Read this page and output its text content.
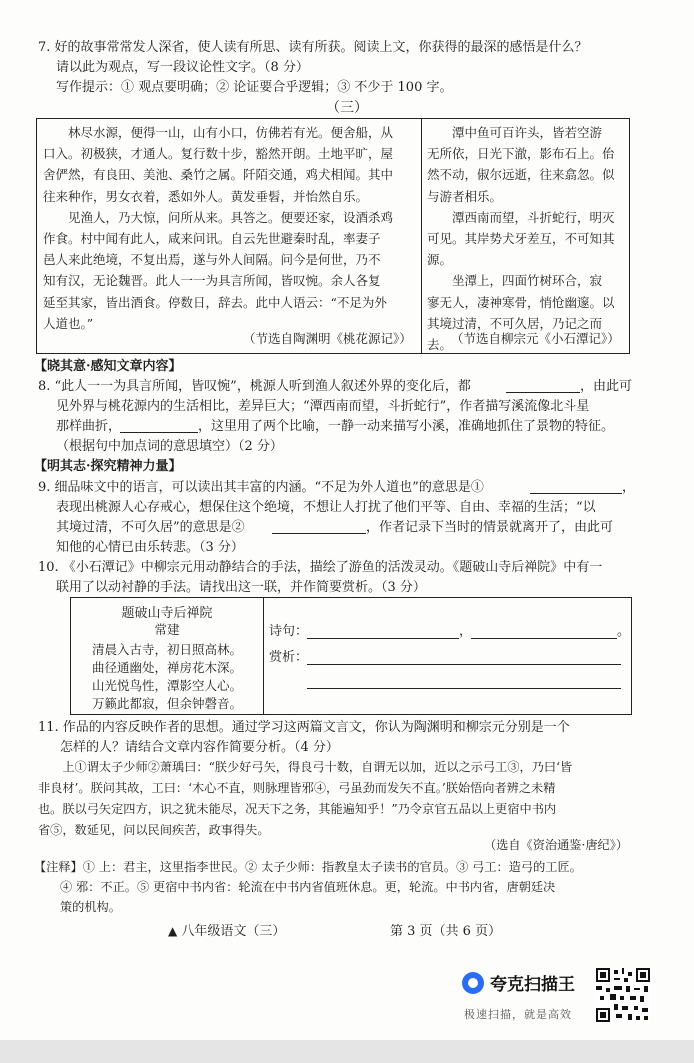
7. 好的故事常常发人深省，使人读有所思、读有所获。阅读上文，你获得的最深的感悟是什么？
请以此为观点，写一段议论性文字。（8 分）
写作提示：① 观点要明确；② 论证要合乎逻辑；③ 不少于 100 字。
（三）
　　林尽水源，便得一山，山有小口，仿佛若有光。便舍船，从
口入。初极狭，才通人。复行数十步，豁然开朗。土地平旷，屋
舍俨然，有良田、美池、桑竹之属。阡陌交通，鸡犬相闻。其中
往来种作，男女衣着，悉如外人。黄发垂髫，并怡然自乐。
　　见渔人，乃大惊，问所从来。具答之。便要还家，设酒杀鸡
作食。村中闻有此人，咸来问讯。自云先世避秦时乱，率妻子
邑人来此绝境，不复出焉，遂与外人间隔。问今是何世，乃不
知有汉，无论魏晋。此人一一为具言所闻，皆叹惋。余人各复
延至其家，皆出酒食。停数日，辞去。此中人语云：“不足为外
人道也。”
（节选自陶渊明《桃花源记》）
　　潭中鱼可百许头，皆若空游
无所依，日光下澈，影布石上。佁
然不动，俶尔远逝，往来翕忽。似
与游者相乐。
　　潭西南而望，斗折蛇行，明灭
可见。其岸势犬牙差互，不可知其
源。
　　坐潭上，四面竹树环合，寂
寥无人，凄神寒骨，悄怆幽邃。以
其境过清，不可久居，乃记之而
去。
（节选自柳宗元《小石潭记》）
【晓其意·感知文章内容】
8. “此人一一为具言所闻，皆叹惋”，桃源人听到渔人叙述外界的变化后，都	，由此可
见外界与桃花源内的生活相比，差异巨大；“潭西南而望，斗折蛇行”，作者描写溪流像北斗星
那样曲折，	，这里用了两个比喻，一静一动来描写小溪，准确地抓住了景物的特征。
（根据句中加点词的意思填空）（2 分）
【明其志·探究精神力量】
9. 细品味文中的语言，可以读出其丰富的内涵。“不足为外人道也”的意思是①	，
表现出桃源人心存戒心，想保住这个绝境，不想让人打扰了他们平等、自由、幸福的生活；“以
其境过清，不可久居”的意思是②	，作者记录下当时的情景就离开了，由此可
知他的心情已由乐转悲。（3 分）
10. 《小石潭记》中柳宗元用动静结合的手法，描绘了游鱼的活泼灵动。《题破山寺后禅院》中有一
联用了以动衬静的手法。请找出这一联，并作简要赏析。（3 分）
题破山寺后禅院
常建
清晨入古寺，初日照高林。
曲径通幽处，禅房花木深。
山光悦鸟性，潭影空人心。
万籁此都寂，但余钟磬音。
诗句：	，	。
赏析：
11. 作品的内容反映作者的思想。通过学习这两篇文言文，你认为陶渊明和柳宗元分别是一个
怎样的人？请结合文章内容作简要分析。（4 分）
　　上①谓太子少师②萧瑀曰：“朕少好弓矢，得良弓十数，自谓无以加，近以之示弓工③，乃曰‘皆
非良材’。朕问其故，工曰：‘木心不直，则脉理皆邪④，弓虽劲而发矢不直。’朕始悟向者辨之未精
也。朕以弓矢定四方，识之犹未能尽，况天下之务，其能遍知乎！”乃令京官五品以上更宿中书内
省⑤，数延见，问以民间疾苦，政事得失。
（选自《资治通鉴·唐纪》）
【注释】① 上：君主，这里指李世民。② 太子少师：指教皇太子读书的官员。③ 弓工：造弓的工匠。
④ 邪：不正。⑤ 更宿中书内省：轮流在中书内省值班休息。更，轮流。中书内省，唐朝廷决
策的机构。
▲ 八年级语文（三）	第 3 页（共 6 页）
夸克扫描王
极速扫描，就是高效
